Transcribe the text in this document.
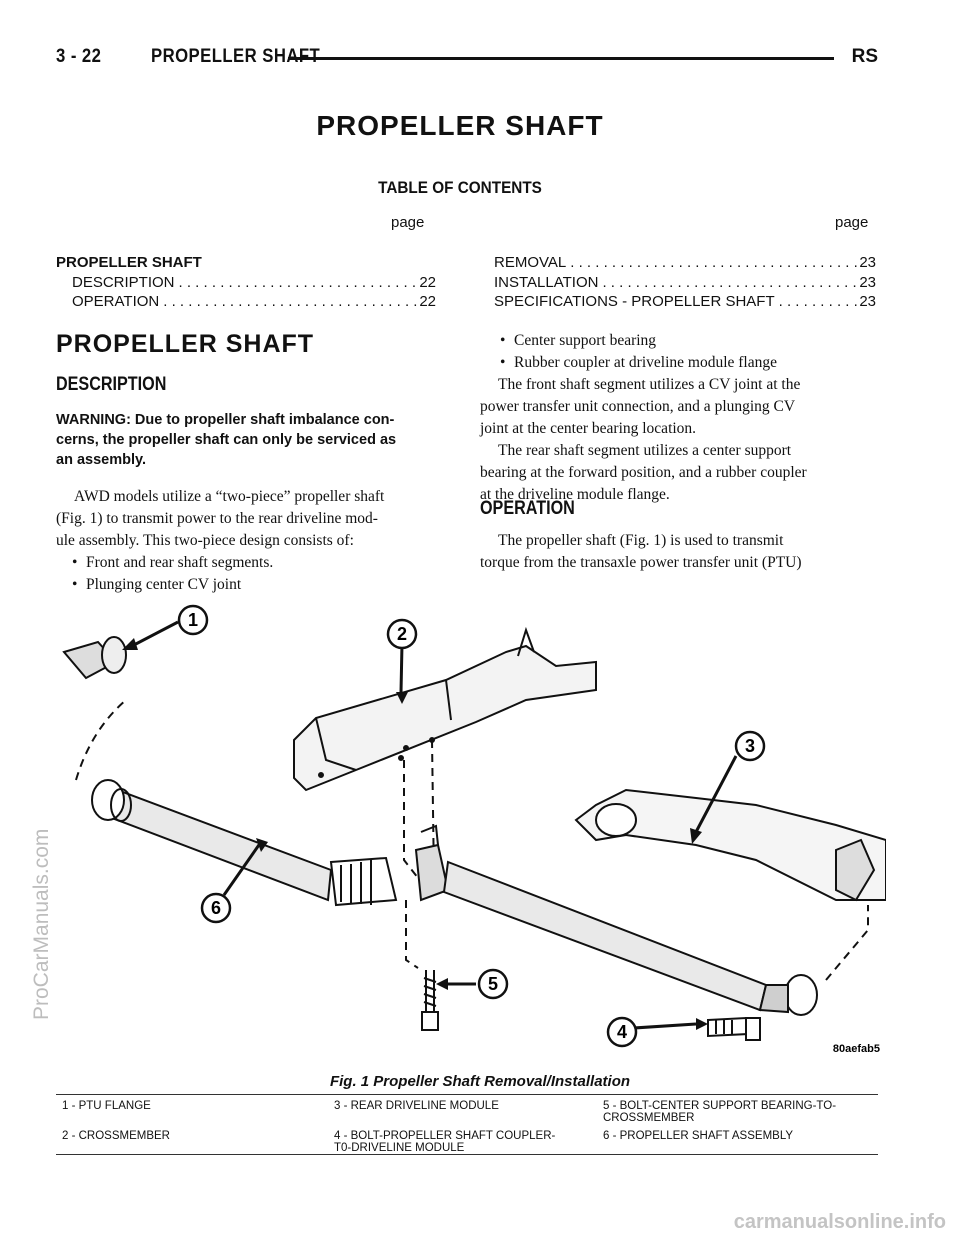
3 - 22	PROPELLER SHAFT	RS
PROPELLER SHAFT
TABLE OF CONTENTS
page	page
PROPELLER SHAFT
DESCRIPTION . . .	22
OPERATION . . .	22
REMOVAL . . .	23
INSTALLATION . . .	23
SPECIFICATIONS - PROPELLER SHAFT . . .	23
PROPELLER SHAFT
DESCRIPTION
WARNING: Due to propeller shaft imbalance con-
cerns, the propeller shaft can only be serviced as
an assembly.
AWD models utilize a “two-piece” propeller shaft
(Fig. 1) to transmit power to the rear driveline mod-
ule assembly. This two-piece design consists of:
• Front and rear shaft segments.
• Plunging center CV joint
• Center support bearing
• Rubber coupler at driveline module flange
The front shaft segment utilizes a CV joint at the
power transfer unit connection, and a plunging CV
joint at the center bearing location.
The rear shaft segment utilizes a center support
bearing at the forward position, and a rubber coupler
at the driveline module flange.
OPERATION
The propeller shaft (Fig. 1) is used to transmit
torque from the transaxle power transfer unit (PTU)
1
2
3
4
5
6
80aefab5
Fig. 1 Propeller Shaft Removal/Installation
1 - PTU FLANGE	3 - REAR DRIVELINE MODULE	5 - BOLT-CENTER SUPPORT BEARING-TO-
CROSSMEMBER
2 - CROSSMEMBER	4 - BOLT-PROPELLER SHAFT COUPLER-
T0-DRIVELINE MODULE
6 - PROPELLER SHAFT ASSEMBLY
ProCarManuals.com
carmanualsonline.info
